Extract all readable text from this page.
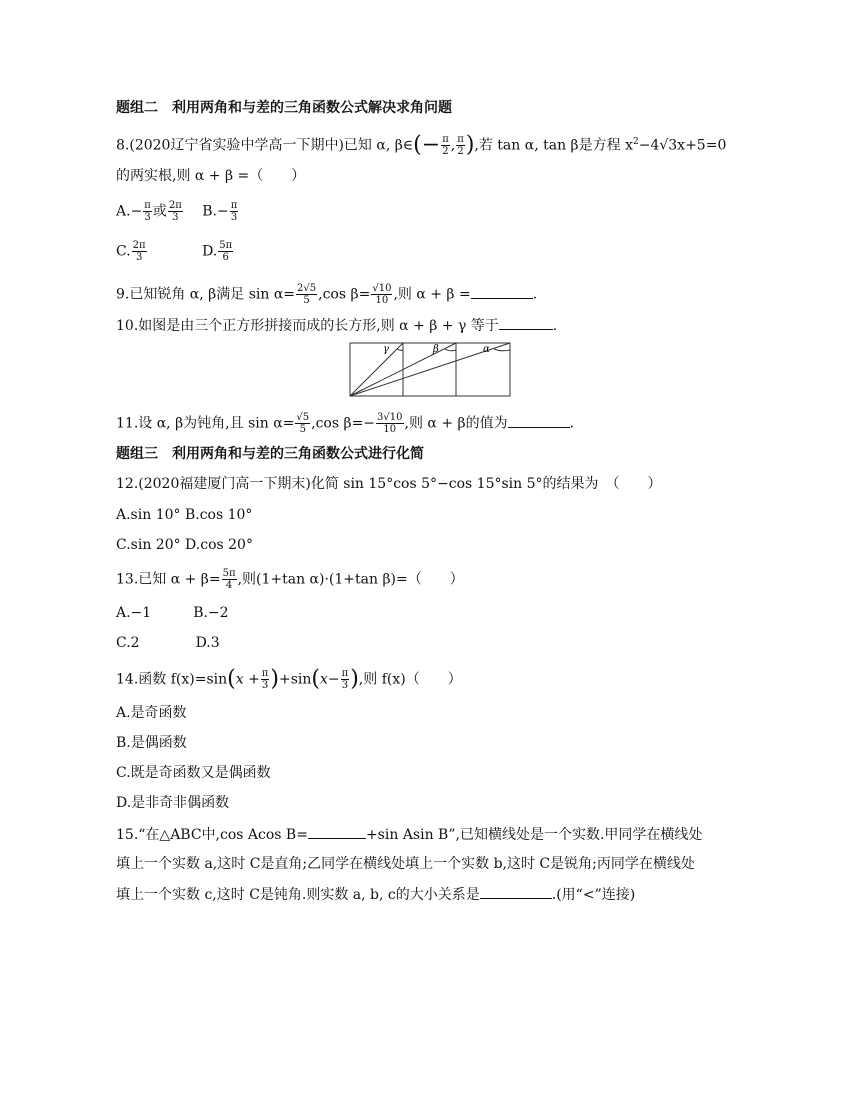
题组二　利用两角和与差的三角函数公式解决求角问题
8.(2020辽宁省实验中学高一下期中)已知 α, β∈(− $\frac{\pi}{2}$ , $\frac{\pi}{2}$ ),若 tan α, tan β是方程 $x^2-4√3x+5=0$
的两实根,则 α + β =（　　）
$A.- \frac{\pi}{3}$ 或 $\frac{2\pi}{3} B.- \frac{\pi}{3}$
C. $\frac{2\pi}{3}$	D. $\frac{5\pi}{6}$
9.已知锐角 α, β满足 $\sin \alpha= \frac{2√5}{5} ,\cos$ $\beta= \frac{√10}{10}$ ,则 α + β =	.
10.如图是由三个正方形拼接而成的长方形,则 α + β + γ 等于	.
γ	β	α
11.设 α, β为钝角,且 $\sin \alpha= \frac{√5}{5} ,\cos$ $\beta=- \frac{3√10}{10}$ ,则 α + β的值为	.
题组三　利用两角和与差的三角函数公式进行化简
12.(2020福建厦门高一下期末)化简 sin 15°cos 5°−cos 15°sin 5°的结果为　（　　）
A.sin 10° B.cos 10°
C.sin 20° D.cos 20°
13.已知 $\alpha + \beta= \frac{5\pi}{4}$ ,则(1+tan α)·(1+tan β)=（　　）
A.−1　　　B.−2
C.2　　　　D.3
14.函数 $f(x)=\sin(x + \frac{\pi}{3} )+\sin(x- \frac{\pi}{3}$ ),则 f(x)（　　）
A.是奇函数
B.是偶函数
C.既是奇函数又是偶函数
D.是非奇非偶函数
15.“在△ABC中,cos Acos B=	+sin Asin B”,已知横线处是一个实数.甲同学在横线处
填上一个实数 a,这时 C是直角;乙同学在横线处填上一个实数 b,这时 C是锐角;丙同学在横线处
填上一个实数 c,这时 C是钝角.则实数 a, b, c的大小关系是	.(用“<”连接)
